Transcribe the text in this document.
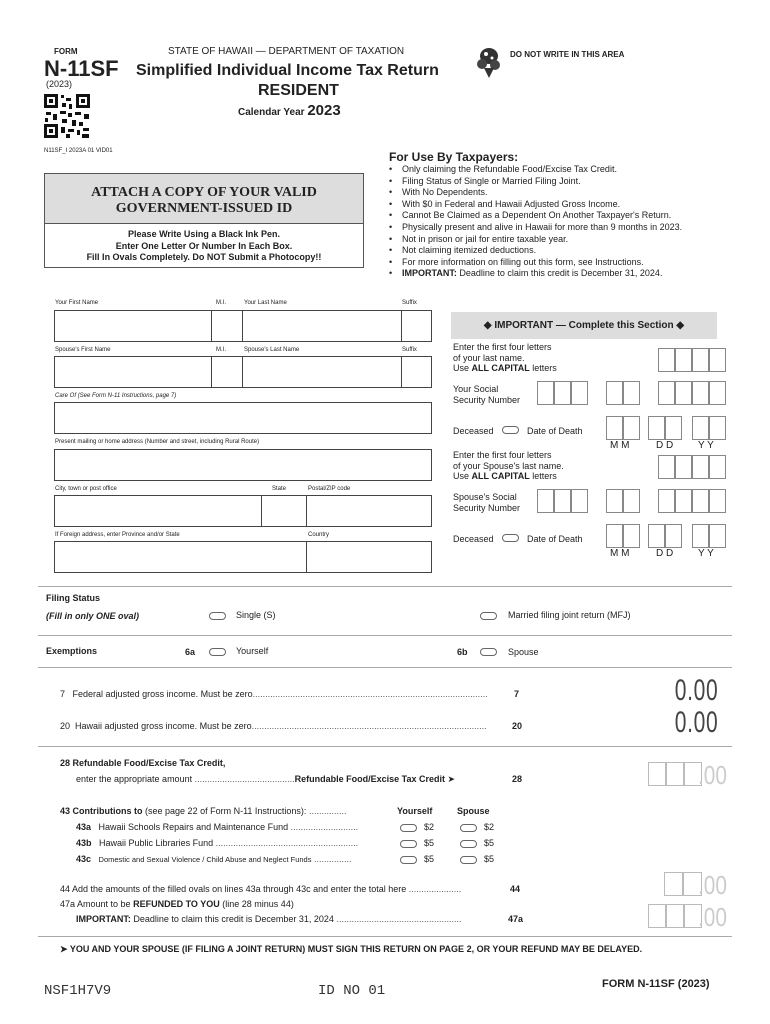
FORM
N-11SF
(2023)
STATE OF HAWAII — DEPARTMENT OF TAXATION
Simplified Individual Income Tax Return
RESIDENT
Calendar Year 2023
DO NOT WRITE IN THIS AREA
N11SF_I 2023A 01 VID01
ATTACH A COPY OF YOUR VALID
GOVERNMENT-ISSUED ID
Please Write Using a Black Ink Pen.
Enter One Letter Or Number In Each Box.
Fill In Ovals Completely. Do NOT Submit a Photocopy!!
For Use By Taxpayers:
• Only claiming the Refundable Food/Excise Tax Credit.
• Filing Status of Single or Married Filing Joint.
• With No Dependents.
• With $0 in Federal and Hawaii Adjusted Gross Income.
• Cannot Be Claimed as a Dependent On Another Taxpayer's Return.
• Physically present and alive in Hawaii for more than 9 months in 2023.
• Not in prison or jail for entire taxable year.
• Not claiming itemized deductions.
• For more information on filling out this form, see Instructions.
• IMPORTANT: Deadline to claim this credit is December 31, 2024.
Your First Name	M.I.	Your Last Name	Suffix
Spouse's First Name	M.I.	Spouse's Last Name	Suffix
Care Of (See Form N-11 Instructions, page 7)
Present mailing or home address (Number and street, including Rural Route)
City, town or post office	State	Postal/ZIP code
If Foreign address, enter Province and/or State	Country
◆ IMPORTANT — Complete this Section ◆
Enter the first four letters
of your last name.
Use ALL CAPITAL letters
Your Social
Security Number
Deceased	Date of Death
M M	D D Y Y
Enter the first four letters
of your Spouse's last name.
Use ALL CAPITAL letters
Spouse's Social
Security Number
Deceased	Date of Death
M M	D D Y Y
Filing Status
(Fill in only ONE oval)	Single (S)	Married filing joint return (MFJ)
Exemptions	6a	Yourself	6b	Spouse
7 Federal adjusted gross income. Must be zero..............................................................................................	7	0.00
20 Hawaii adjusted gross income. Must be zero..............................................................................................	20	0.00
28 Refundable Food/Excise Tax Credit,
enter the appropriate amount ........................................Refundable Food/Excise Tax Credit ➤	28	.00
43 Contributions to (see page 22 of Form N-11 Instructions): ...............	Yourself	Spouse
43a Hawaii Schools Repairs and Maintenance Fund ...........................	$2	$2
43b Hawaii Public Libraries Fund .........................................................	$5	$5
43c Domestic and Sexual Violence / Child Abuse and Neglect Funds ...............	$5	$5
44 Add the amounts of the filled ovals on lines 43a through 43c and enter the total here .....................	44	.00
47a Amount to be REFUNDED TO YOU (line 28 minus 44)
IMPORTANT: Deadline to claim this credit is December 31, 2024 ..................................................	47a	.00
➤ YOU AND YOUR SPOUSE (IF FILING A JOINT RETURN) MUST SIGN THIS RETURN ON PAGE 2, OR YOUR REFUND MAY BE DELAYED.
NSF1H7V9	ID NO 01	FORM N-11SF (2023)
